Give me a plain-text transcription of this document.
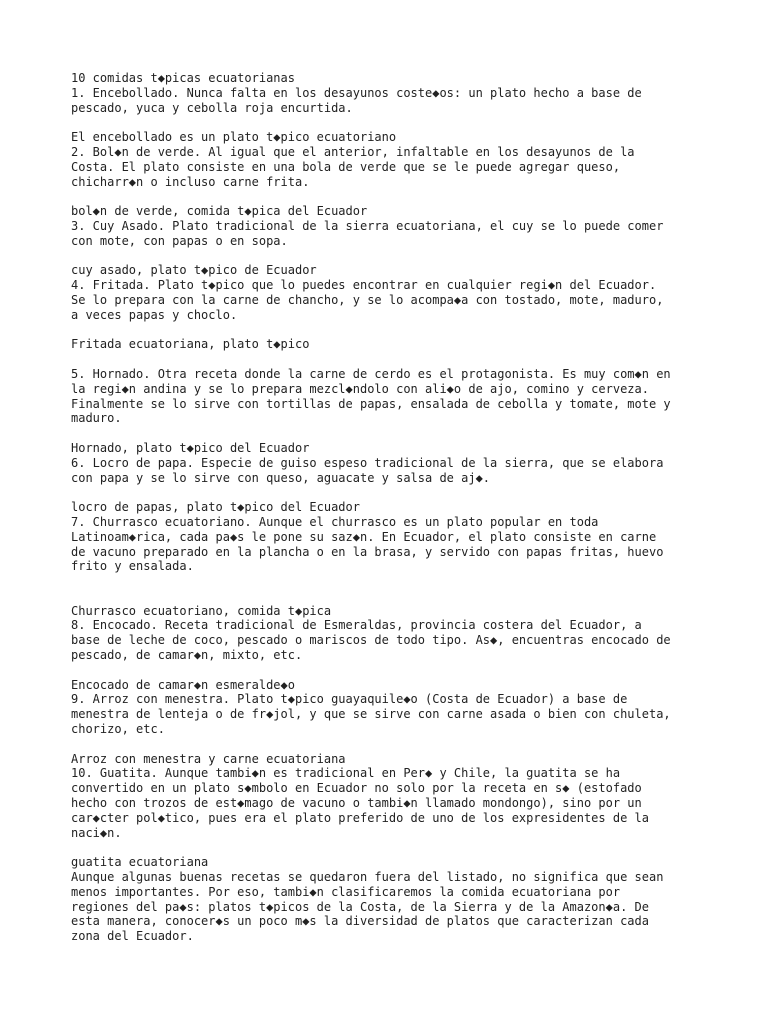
10 comidas t◆picas ecuatorianas
1. Encebollado. Nunca falta en los desayunos coste◆os: un plato hecho a base de
pescado, yuca y cebolla roja encurtida.
El encebollado es un plato t◆pico ecuatoriano
2. Bol◆n de verde. Al igual que el anterior, infaltable en los desayunos de la
Costa. El plato consiste en una bola de verde que se le puede agregar queso,
chicharr◆n o incluso carne frita.
bol◆n de verde, comida t◆pica del Ecuador
3. Cuy Asado. Plato tradicional de la sierra ecuatoriana, el cuy se lo puede comer
con mote, con papas o en sopa.
cuy asado, plato t◆pico de Ecuador
4. Fritada. Plato t◆pico que lo puedes encontrar en cualquier regi◆n del Ecuador.
Se lo prepara con la carne de chancho, y se lo acompa◆a con tostado, mote, maduro,
a veces papas y choclo.
Fritada ecuatoriana, plato t◆pico
5. Hornado. Otra receta donde la carne de cerdo es el protagonista. Es muy com◆n en
la regi◆n andina y se lo prepara mezcl◆ndolo con ali◆o de ajo, comino y cerveza.
Finalmente se lo sirve con tortillas de papas, ensalada de cebolla y tomate, mote y
maduro.
Hornado, plato t◆pico del Ecuador
6. Locro de papa. Especie de guiso espeso tradicional de la sierra, que se elabora
con papa y se lo sirve con queso, aguacate y salsa de aj◆.
locro de papas, plato t◆pico del Ecuador
7. Churrasco ecuatoriano. Aunque el churrasco es un plato popular en toda
Latinoam◆rica, cada pa◆s le pone su saz◆n. En Ecuador, el plato consiste en carne
de vacuno preparado en la plancha o en la brasa, y servido con papas fritas, huevo
frito y ensalada.
Churrasco ecuatoriano, comida t◆pica
8. Encocado. Receta tradicional de Esmeraldas, provincia costera del Ecuador, a
base de leche de coco, pescado o mariscos de todo tipo. As◆, encuentras encocado de
pescado, de camar◆n, mixto, etc.
Encocado de camar◆n esmeralde◆o
9. Arroz con menestra. Plato t◆pico guayaquile◆o (Costa de Ecuador) a base de
menestra de lenteja o de fr◆jol, y que se sirve con carne asada o bien con chuleta,
chorizo, etc.
Arroz con menestra y carne ecuatoriana
10. Guatita. Aunque tambi◆n es tradicional en Per◆ y Chile, la guatita se ha
convertido en un plato s◆mbolo en Ecuador no solo por la receta en s◆ (estofado
hecho con trozos de est◆mago de vacuno o tambi◆n llamado mondongo), sino por un
car◆cter pol◆tico, pues era el plato preferido de uno de los expresidentes de la
naci◆n.
guatita ecuatoriana
Aunque algunas buenas recetas se quedaron fuera del listado, no significa que sean
menos importantes. Por eso, tambi◆n clasificaremos la comida ecuatoriana por
regiones del pa◆s: platos t◆picos de la Costa, de la Sierra y de la Amazon◆a. De
esta manera, conocer◆s un poco m◆s la diversidad de platos que caracterizan cada
zona del Ecuador.
